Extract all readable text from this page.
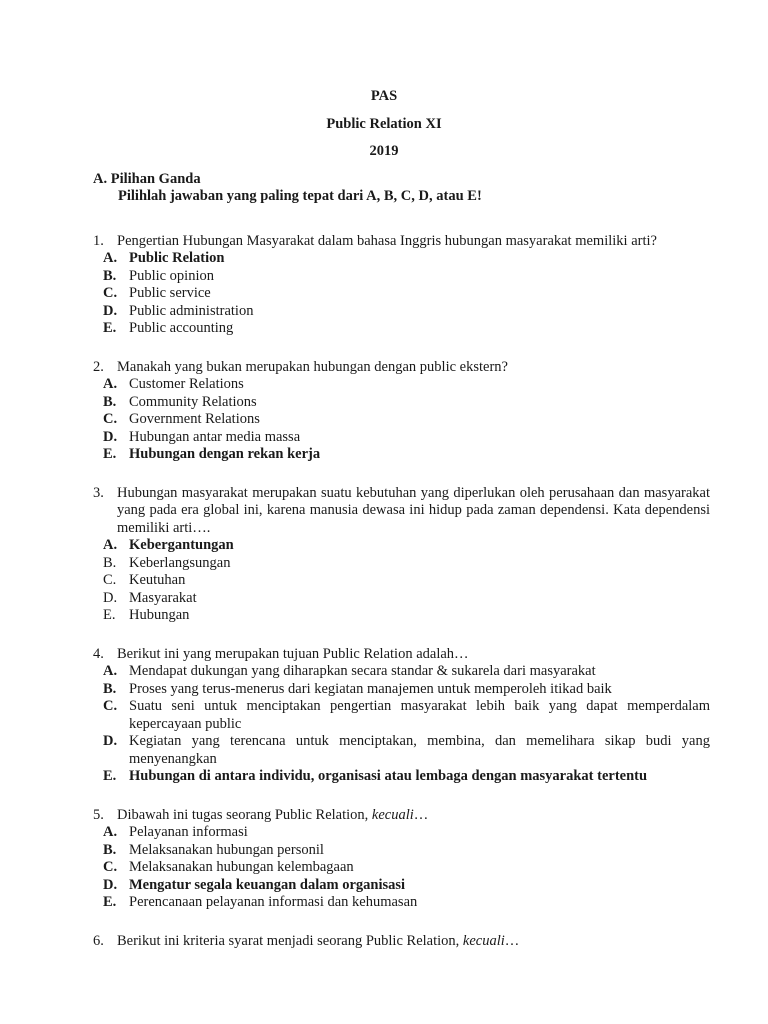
PAS
Public Relation XI
2019
A. Pilihan Ganda
Pilihlah jawaban yang paling tepat dari A, B, C, D, atau E!
1. Pengertian Hubungan Masyarakat dalam bahasa Inggris hubungan masyarakat memiliki arti?
A. Public Relation
B. Public opinion
C. Public service
D. Public administration
E. Public accounting
2. Manakah yang bukan merupakan hubungan dengan public ekstern?
A. Customer Relations
B. Community Relations
C. Government Relations
D. Hubungan antar media massa
E. Hubungan dengan rekan kerja
3. Hubungan masyarakat merupakan suatu kebutuhan yang diperlukan oleh perusahaan dan masyarakat yang pada era global ini, karena manusia dewasa ini hidup pada zaman dependensi. Kata dependensi memiliki arti….
A. Kebergantungan
B. Keberlangsungan
C. Keutuhan
D. Masyarakat
E. Hubungan
4. Berikut ini yang merupakan tujuan Public Relation adalah…
A. Mendapat dukungan yang diharapkan secara standar & sukarela dari masyarakat
B. Proses yang terus-menerus dari kegiatan manajemen untuk memperoleh itikad baik
C. Suatu seni untuk menciptakan pengertian masyarakat lebih baik yang dapat memperdalam kepercayaan public
D. Kegiatan yang terencana untuk menciptakan, membina, dan memelihara sikap budi yang menyenangkan
E. Hubungan di antara individu, organisasi atau lembaga dengan masyarakat tertentu
5. Dibawah ini tugas seorang Public Relation, kecuali…
A. Pelayanan informasi
B. Melaksanakan hubungan personil
C. Melaksanakan hubungan kelembagaan
D. Mengatur segala keuangan dalam organisasi
E. Perencanaan pelayanan informasi dan kehumasan
6. Berikut ini kriteria syarat menjadi seorang Public Relation, kecuali…
